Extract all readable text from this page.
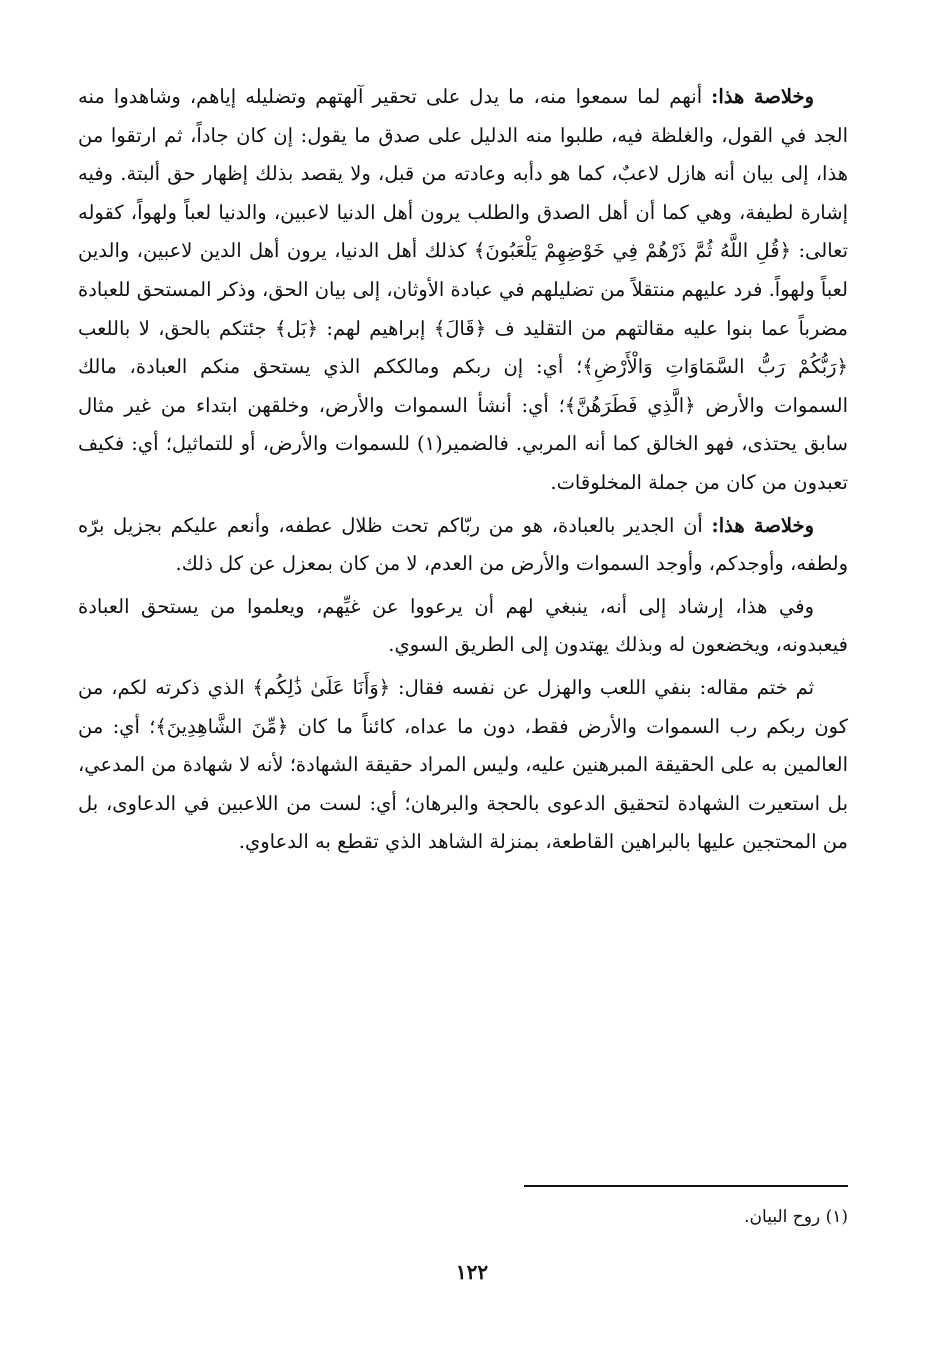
وخلاصة هذا: أنهم لما سمعوا منه، ما يدل على تحقير آلهتهم وتضليله إياهم، وشاهدوا منه الجد في القول، والغلظة فيه، طلبوا منه الدليل على صدق ما يقول: إن كان جاداً، ثم ارتقوا من هذا، إلى بيان أنه هازل لاعبٌ، كما هو دأبه وعادته من قبل، ولا يقصد بذلك إظهار حق ألبتة. وفيه إشارة لطيفة، وهي كما أن أهل الصدق والطلب يرون أهل الدنيا لاعبين، والدنيا لعباً ولهواً، كقوله تعالى: ﴿قُلِ اللَّهُ ثُمَّ ذَرْهُمْ فِي خَوْضِهِمْ يَلْعَبُونَ﴾ كذلك أهل الدنيا، يرون أهل الدين لاعبين، والدين لعباً ولهواً. فرد عليهم منتقلاً من تضليلهم في عبادة الأوثان، إلى بيان الحق، وذكر المستحق للعبادة مضرباً عما بنوا عليه مقالتهم من التقليد ف ﴿قَالَ﴾ إبراهيم لهم: ﴿بَل﴾ جئتكم بالحق، لا باللعب ﴿رَبُّكُمْ رَبُّ السَّمَاوَاتِ وَالْأَرْضِ﴾؛ أي: إن ربكم ومالككم الذي يستحق منكم العبادة، مالك السموات والأرض ﴿الَّذِي فَطَرَهُنَّ﴾؛ أي: أنشأ السموات والأرض، وخلقهن ابتداء من غير مثال سابق يحتذى، فهو الخالق كما أنه المربي. فالضمير(١) للسموات والأرض، أو للتماثيل؛ أي: فكيف تعبدون من كان من جملة المخلوقات.

وخلاصة هذا: أن الجدير بالعبادة، هو من ربّاكم تحت ظلال عطفه، وأنعم عليكم بجزيل برّه ولطفه، وأوجدكم، وأوجد السموات والأرض من العدم، لا من كان بمعزل عن كل ذلك.

وفي هذا، إرشاد إلى أنه، ينبغي لهم أن يرعووا عن غيِّهم، ويعلموا من يستحق العبادة فيعبدونه، ويخضعون له وبذلك يهتدون إلى الطريق السوي.

ثم ختم مقاله: بنفي اللعب والهزل عن نفسه فقال: ﴿وَأَنَا عَلَىٰ ذَٰلِكُم﴾ الذي ذكرته لكم، من كون ربكم رب السموات والأرض فقط، دون ما عداه، كائناً ما كان ﴿مِّنَ الشَّاهِدِينَ﴾؛ أي: من العالمين به على الحقيقة المبرهنين عليه، وليس المراد حقيقة الشهادة؛ لأنه لا شهادة من المدعي، بل استعيرت الشهادة لتحقيق الدعوى بالحجة والبرهان؛ أي: لست من اللاعبين في الدعاوى، بل من المحتجين عليها بالبراهين القاطعة، بمنزلة الشاهد الذي تقطع به الدعاوي.

(١) روح البيان.
١٢٢
